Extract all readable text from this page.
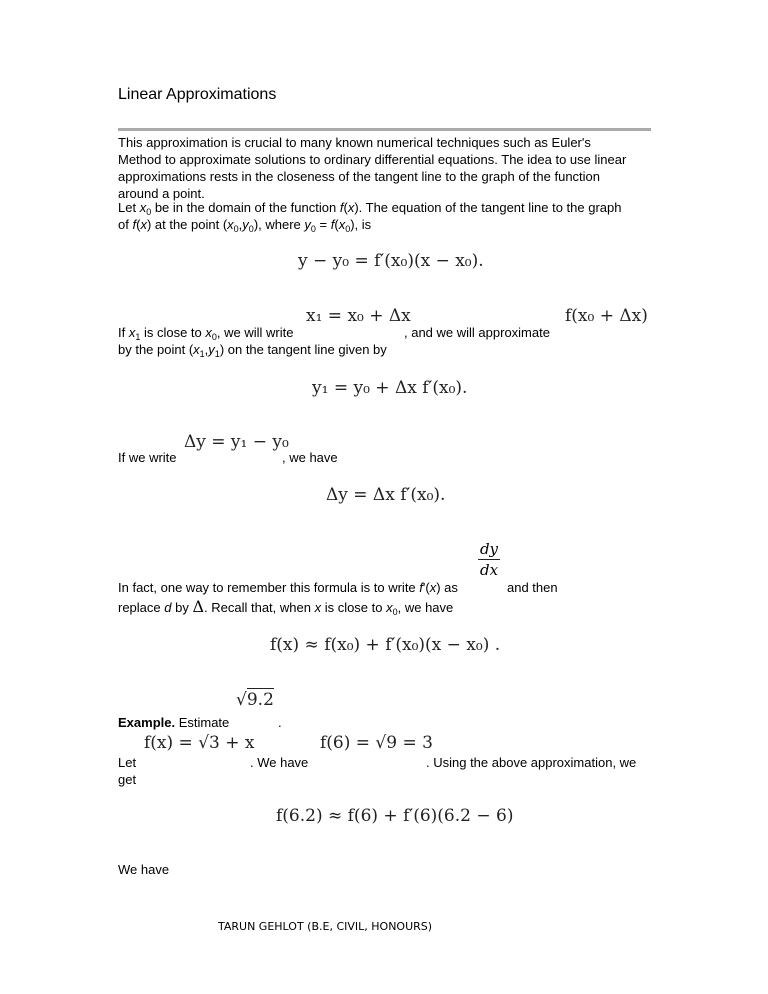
Linear Approximations
This approximation is crucial to many known numerical techniques such as Euler's
Method to approximate solutions to ordinary differential equations. The idea to use linear
approximations rests in the closeness of the tangent line to the graph of the function
around a point.
Let $x_0$ be in the domain of the function f(x). The equation of the tangent line to the graph
of f(x) at the point $(x_0,y_0)$, where $y_0 = f(x_0)$, is
y − y₀ = f′(x₀)(x − x₀).
x₁ = x₀ + Δx	f(x₀ + Δx)
If $x_1$ is close to $x_0$, we will write	, and we will approximate
by the point $(x_1,y_1)$ on the tangent line given by
y₁ = y₀ + Δx f′(x₀).
Δy = y₁ − y₀
If we write	, we have
Δy = Δx f′(x₀).
dy
dx
In fact, one way to remember this formula is to write f'(x) as	and then
replace d by Δ. Recall that, when x is close to $x_0$, we have
f(x) ≈ f(x₀) + f′(x₀)(x − x₀) .
√9.2
Example. Estimate	.
f(x) = √3 + x	f(6) = √9 = 3
Let	. We have	. Using the above approximation, we
get
f(6.2) ≈ f(6) + f′(6)(6.2 − 6)
We have
TARUN GEHLOT (B.E, CIVIL, HONOURS)
